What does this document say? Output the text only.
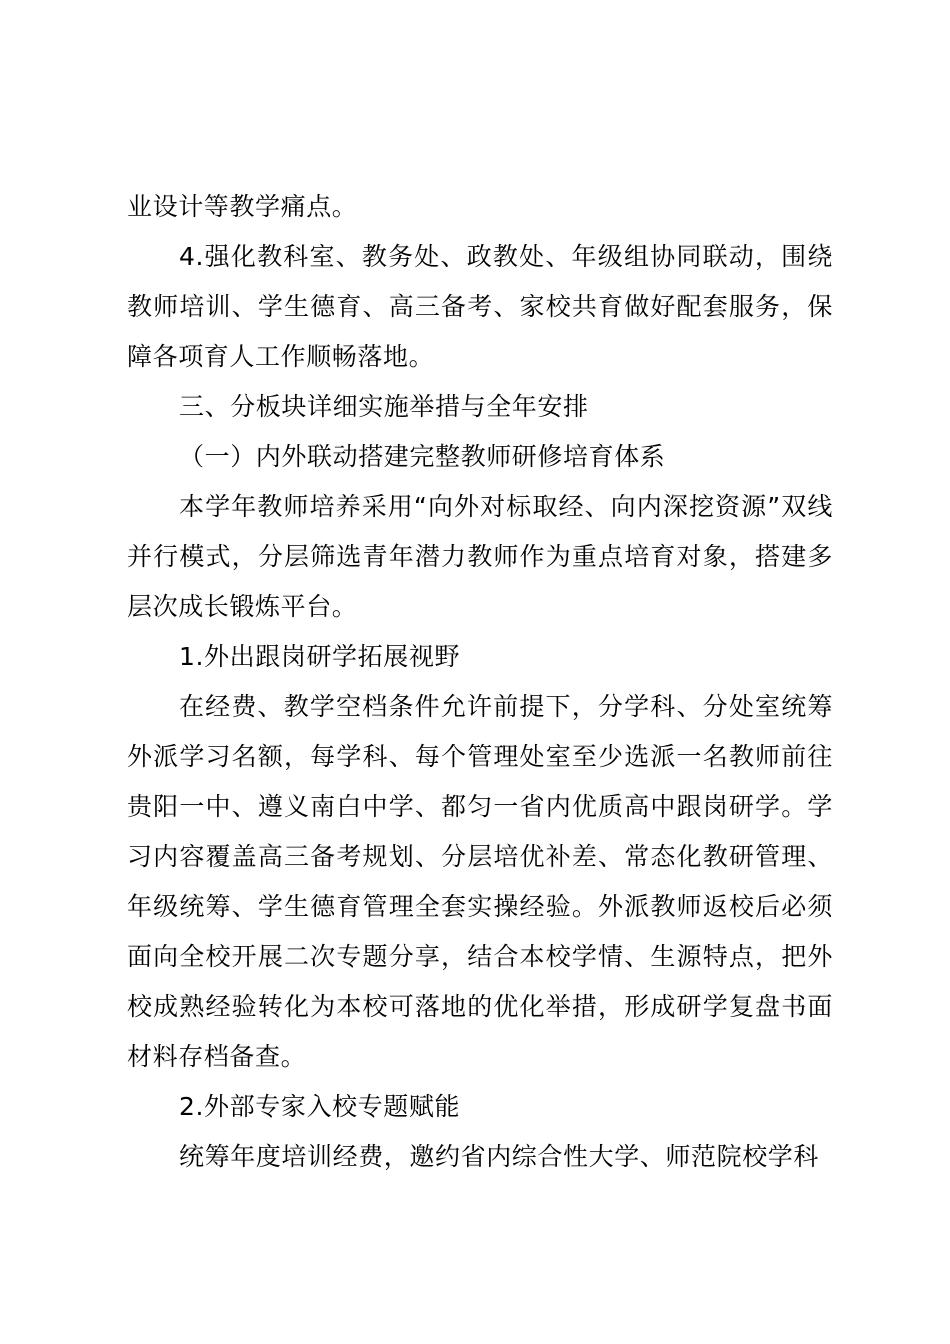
业设计等教学痛点。

4.强化教科室、教务处、政教处、年级组协同联动，围绕教师培训、学生德育、高三备考、家校共育做好配套服务，保障各项育人工作顺畅落地。

三、分板块详细实施举措与全年安排

（一）内外联动搭建完整教师研修培育体系

本学年教师培养采用“向外对标取经、向内深挖资源”双线并行模式，分层筛选青年潜力教师作为重点培育对象，搭建多层次成长锻炼平台。

1.外出跟岗研学拓展视野

在经费、教学空档条件允许前提下，分学科、分处室统筹外派学习名额，每学科、每个管理处室至少选派一名教师前往贵阳一中、遵义南白中学、都匀一省内优质高中跟岗研学。学习内容覆盖高三备考规划、分层培优补差、常态化教研管理、年级统筹、学生德育管理全套实操经验。外派教师返校后必须面向全校开展二次专题分享，结合本校学情、生源特点，把外校成熟经验转化为本校可落地的优化举措，形成研学复盘书面材料存档备查。

2.外部专家入校专题赋能

统筹年度培训经费，邀约省内综合性大学、师范院校学科
